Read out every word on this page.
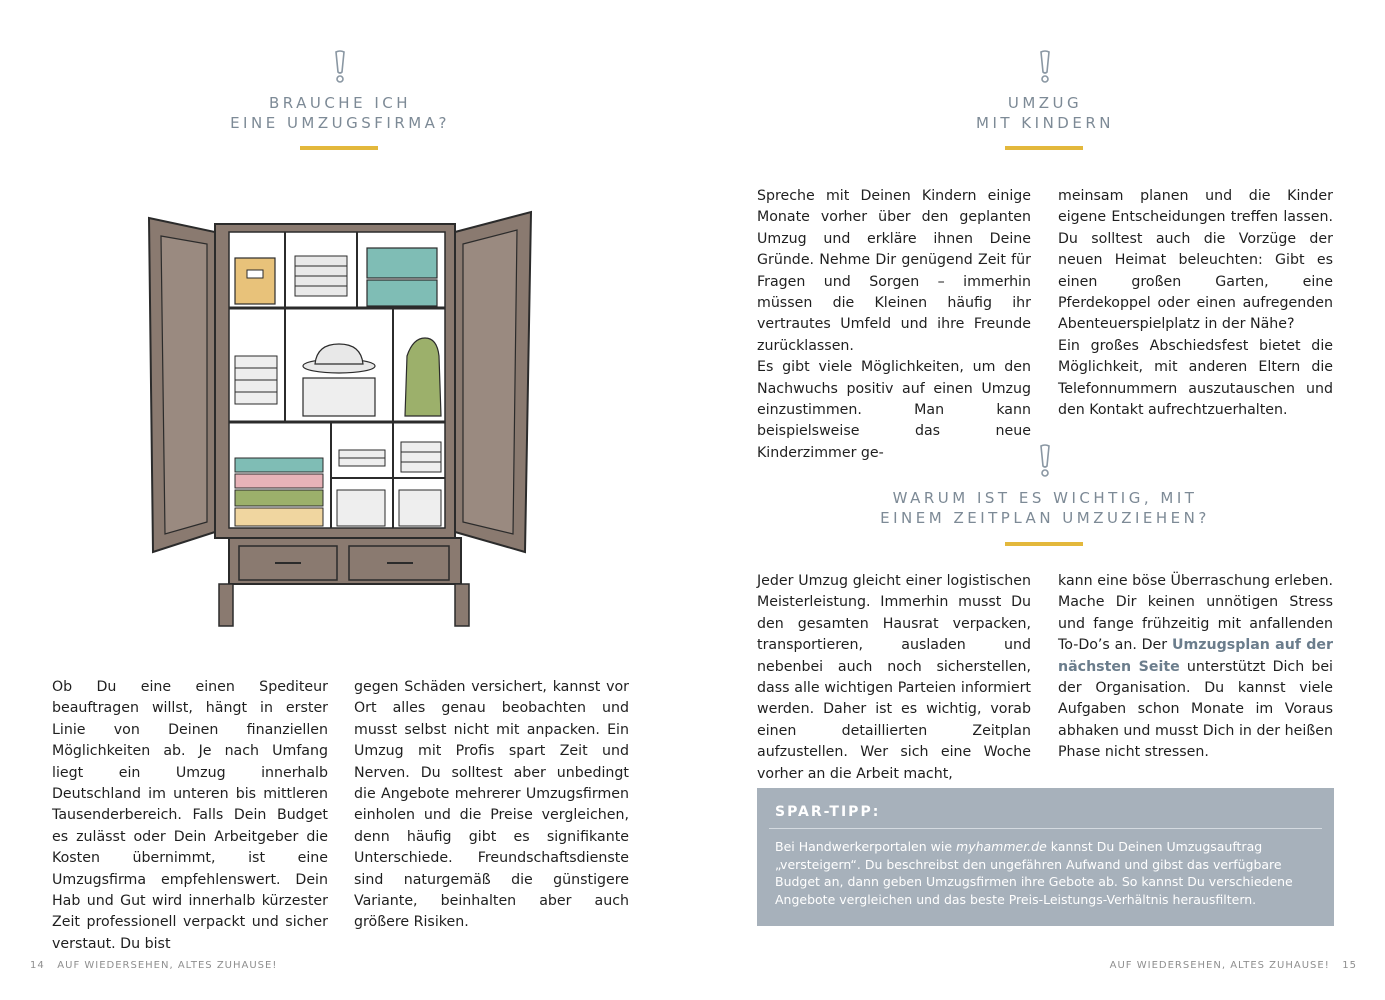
BRAUCHE ICH
EINE UMZUGSFIRMA?

Ob Du eine einen Spediteur beauftragen willst, hängt in erster Linie von Deinen finanziellen Möglichkeiten ab. Je nach Umfang liegt ein Umzug innerhalb Deutschland im unteren bis mittleren Tausenderbereich. Falls Dein Budget es zulässt oder Dein Arbeitgeber die Kosten übernimmt, ist eine Umzugsfirma empfehlenswert. Dein Hab und Gut wird innerhalb kürzester Zeit professionell verpackt und sicher verstaut. Du bist

gegen Schäden versichert, kannst vor Ort alles genau beobachten und musst selbst nicht mit anpacken. Ein Umzug mit Profis spart Zeit und Nerven. Du solltest aber unbedingt die Angebote mehrerer Umzugsfirmen einholen und die Preise vergleichen, denn häufig gibt es signifikante Unterschiede. Freundschaftsdienste sind naturgemäß die günstigere Variante, beinhalten aber auch größere Risiken.

14 AUF WIEDERSEHEN, ALTES ZUHAUSE!
UMZUG
MIT KINDERN

Spreche mit Deinen Kindern einige Monate vorher über den geplanten Umzug und erkläre ihnen Deine Gründe. Nehme Dir genügend Zeit für Fragen und Sorgen – immerhin müssen die Kleinen häufig ihr vertrautes Umfeld und ihre Freunde zurücklassen.

Es gibt viele Möglichkeiten, um den Nachwuchs positiv auf einen Umzug einzustimmen. Man kann beispielsweise das neue Kinderzimmer ge-

meinsam planen und die Kinder eigene Entscheidungen treffen lassen. Du solltest auch die Vorzüge der neuen Heimat beleuchten: Gibt es einen großen Garten, eine Pferdekoppel oder einen aufregenden Abenteuerspielplatz in der Nähe?

Ein großes Abschiedsfest bietet die Möglichkeit, mit anderen Eltern die Telefonnummern auszutauschen und den Kontakt aufrechtzuerhalten.

WARUM IST ES WICHTIG, MIT
EINEM ZEITPLAN UMZUZIEHEN?

Jeder Umzug gleicht einer logistischen Meisterleistung. Immerhin musst Du den gesamten Hausrat verpacken, transportieren, ausladen und nebenbei auch noch sicherstellen, dass alle wichtigen Parteien informiert werden. Daher ist es wichtig, vorab einen detaillierten Zeitplan aufzustellen. Wer sich eine Woche vorher an die Arbeit macht,

kann eine böse Überraschung erleben. Mache Dir keinen unnötigen Stress und fange frühzeitig mit anfallenden To-Do’s an. Der Umzugsplan auf der nächsten Seite unterstützt Dich bei der Organisation. Du kannst viele Aufgaben schon Monate im Voraus abhaken und musst Dich in der heißen Phase nicht stressen.

SPAR-TIPP:
Bei Handwerkerportalen wie myhammer.de kannst Du Deinen Umzugsauftrag „versteigern“. Du beschreibst den ungefähren Aufwand und gibst das verfügbare Budget an, dann geben Umzugsfirmen ihre Gebote ab. So kannst Du verschiedene Angebote vergleichen und das beste Preis-Leistungs-Verhältnis herausfiltern.
AUF WIEDERSEHEN, ALTES ZUHAUSE! 15
